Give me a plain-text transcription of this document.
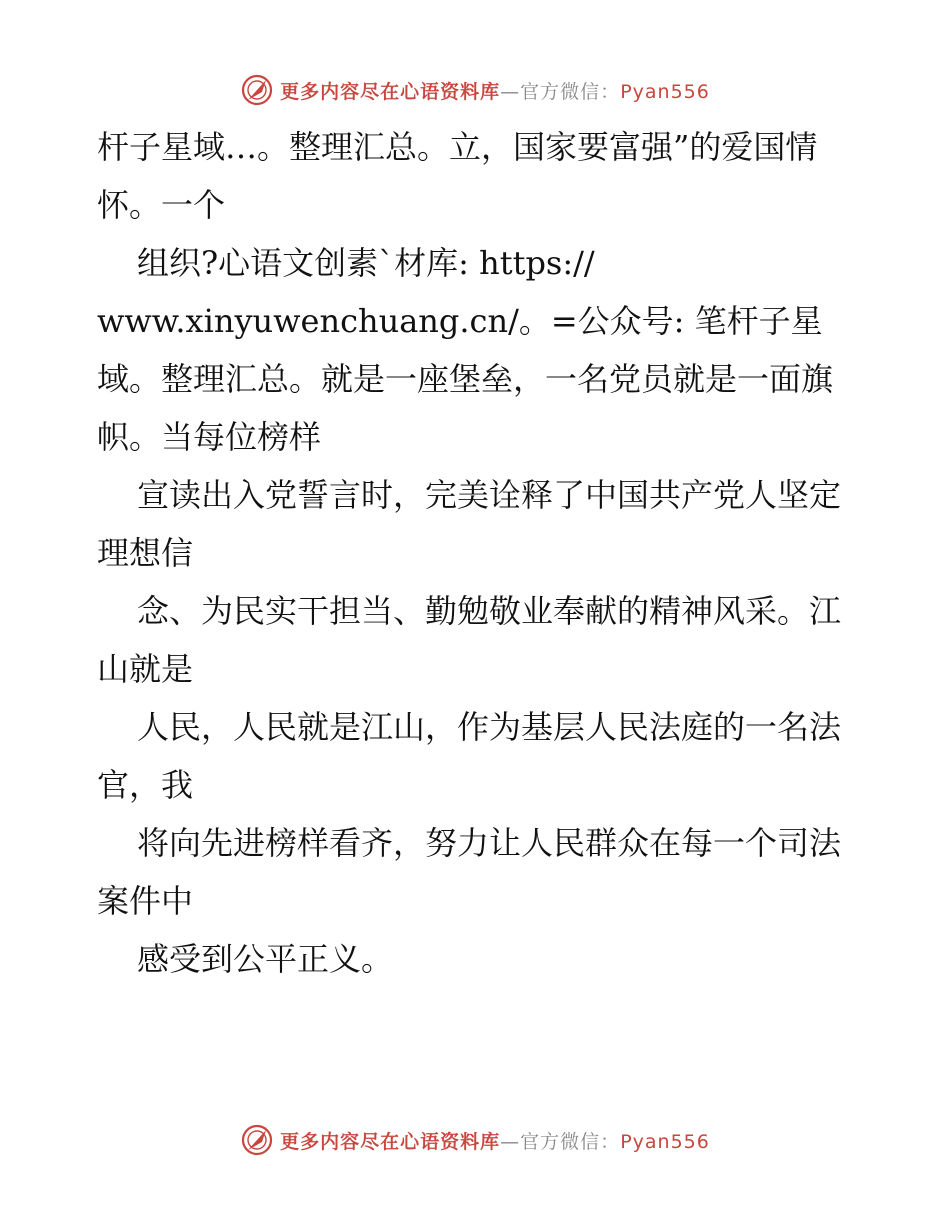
更多内容尽在心语资料库—官方微信：Pyan556

杆子星域…。整理汇总。立，国家要富强”的爱国情怀。一个

组织?心语文创素`材库: https://

www.xinyuwenchuang.cn/。=公众号: 笔杆子星

域。整理汇总。就是一座堡垒，一名党员就是一面旗帜。当每位榜样

宣读出入党誓言时，完美诠释了中国共产党人坚定理想信

念、为民实干担当、勤勉敬业奉献的精神风采。江山就是

人民，人民就是江山，作为基层人民法庭的一名法官，我

将向先进榜样看齐，努力让人民群众在每一个司法案件中

感受到公平正义。

更多内容尽在心语资料库—官方微信：Pyan556
